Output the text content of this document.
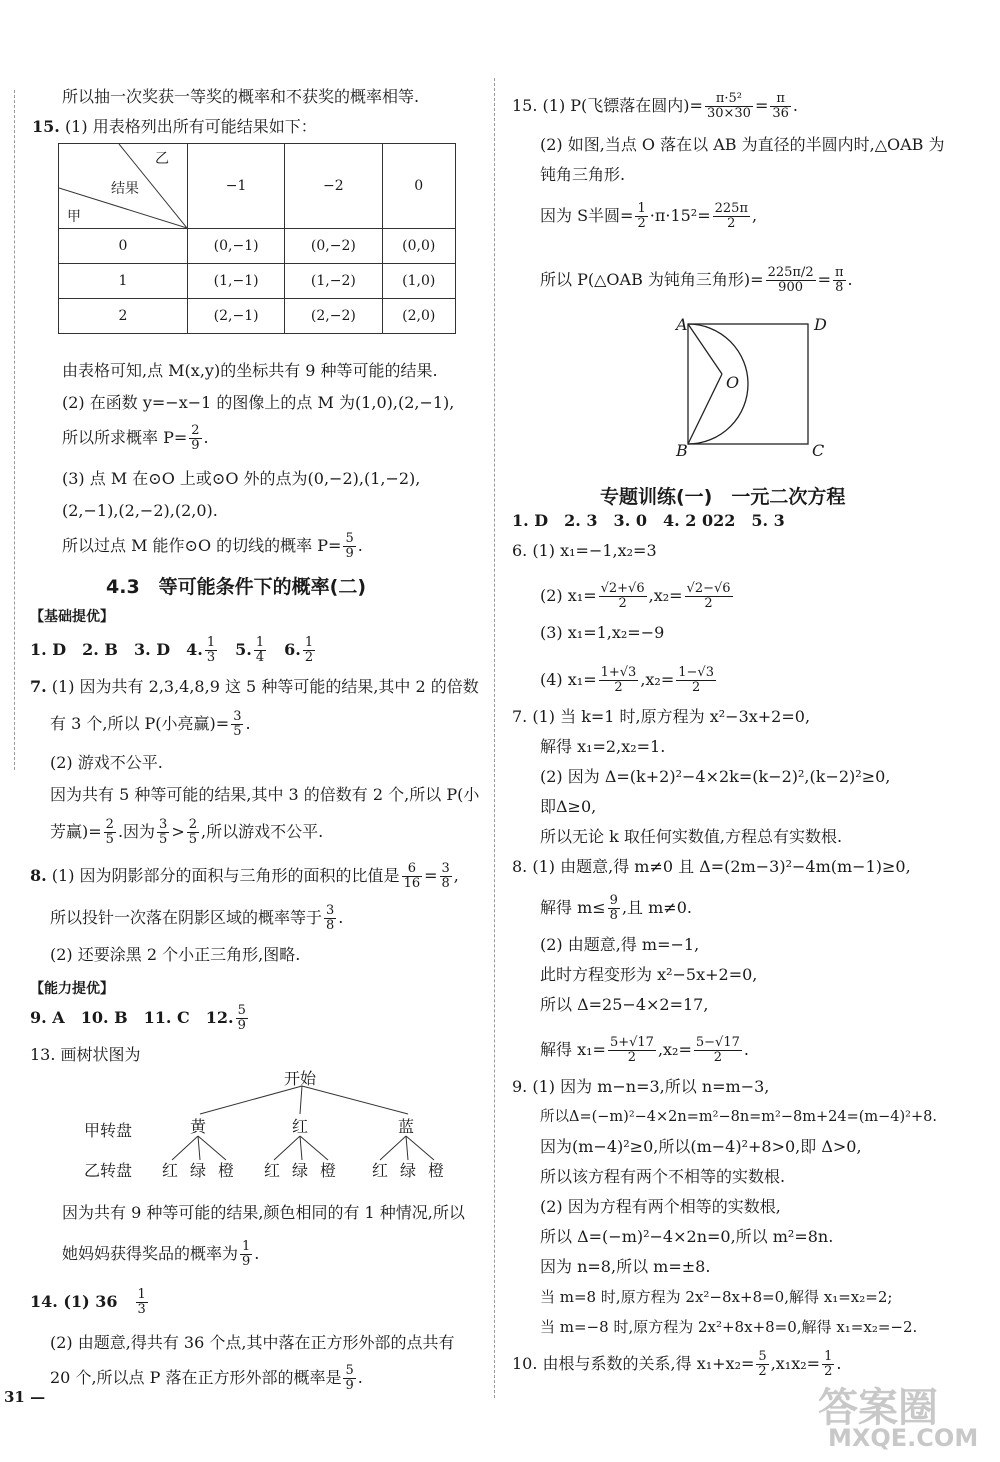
所以抽一次奖获一等奖的概率和不获奖的概率相等.
15. (1) 用表格列出所有可能结果如下：
乙
结果
甲	−1	−2	0
0	(0,−1)	(0,−2)	(0,0)
1	(1,−1)	(1,−2)	(1,0)
2	(2,−1)	(2,−2)	(2,0)
由表格可知,点 M(x,y)的坐标共有 9 种等可能的结果.
(2) 在函数 y=−x−1 的图像上的点 M 为(1,0),(2,−1),
所以所求概率 $P= \frac{2}{9}$ .
(3) 点 M 在⊙O 上或⊙O 外的点为(0,−2),(1,−2),
(2,−1),(2,−2),(2,0).
所以过点 M 能作⊙O 的切线的概率 $P= \frac{5}{9}$ .
4.3　等可能条件下的概率(二)
【基础提优】
1. D　2. B　3. D　4. $\frac{1}{3}$
　 5. $\frac{1}{4}$
　 6. $\frac{1}{2}$
7. (1) 因为共有 2,3,4,8,9 这 5 种等可能的结果,其中 2 的倍数
有 3 个,所以 P(小亮赢)= $\frac{3}{5}$ .
(2) 游戏不公平.
因为共有 5 种等可能的结果,其中 3 的倍数有 2 个,所以 P(小
芳赢)= $\frac{2}{5}$ .因为 $\frac{3}{5} > \frac{2}{5}$ ,所以游戏不公平.
8. (1) 因为阴影部分的面积与三角形的面积的比值是 $\frac{6}{16} = \frac{3}{8}$ ,
所以投针一次落在阴影区域的概率等于 $\frac{3}{8}$ .
(2) 还要涂黑 2 个小正三角形,图略.
【能力提优】
9. A　10. B　11. C　12. $\frac{5}{9}$
13. 画树状图为
开始
甲转盘	黄	红	蓝
乙转盘 红 绿 橙 红 绿 橙 红 绿 橙
因为共有 9 种等可能的结果,颜色相同的有 1 种情况,所以
她妈妈获得奖品的概率为 $\frac{1}{9}$ .
14. (1) 36　 $\frac{1}{3}$
(2) 由题意,得共有 36 个点,其中落在正方形外部的点共有
20 个,所以点 P 落在正方形外部的概率是 $\frac{5}{9}$ .
31 —
15. (1) P(飞镖落在圆内)= $\frac{\text{π·5²}}{30\times 30} = \frac{\pi}{36}$ .
(2) 如图,当点 O 落在以 AB 为直径的半圆内时,△OAB 为
钝角三角形.
因为 S半圆= $\frac{1}{2} \cdot\pi\cdot 15^2= \frac{225\pi}{2}$ ,
所以 P(△OAB 为钝角三角形)= $\frac{225\pi/2}{900} = \frac{\pi}{8}$ .
A	D
O
B	C
专题训练(一)　一元二次方程
1. D　2. 3　3. 0　4. 2 022　5. 3
6. (1) x₁=−1,x₂=3
(2) $x_1= \frac{√2+√6}{2} ,x_2= \frac{√2-√6}{2}$
(3) x₁=1,x₂=−9
(4) $x_1= \frac{1+√3}{2} ,x_2= \frac{1-√3}{2}$
7. (1) 当 k=1 时,原方程为 x²−3x+2=0,
解得 x₁=2,x₂=1.
(2) 因为 Δ=(k+2)²−4×2k=(k−2)²,(k−2)²≥0,
即Δ≥0,
所以无论 k 取任何实数值,方程总有实数根.
8. (1) 由题意,得 m≠0 且 Δ=(2m−3)²−4m(m−1)≥0,
解得 $m\le \frac{9}{8}$ ,且 m≠0.
(2) 由题意,得 m=−1,
此时方程变形为 x²−5x+2=0,
所以 Δ=25−4×2=17,
解得 $x_1= \frac{5+√17}{2} ,x_2= \frac{5-√17}{2}$ .
9. (1) 因为 m−n=3,所以 n=m−3,
所以Δ=(−m)²−4×2n=m²−8n=m²−8m+24=(m−4)²+8.
因为(m−4)²≥0,所以(m−4)²+8>0,即 Δ>0,
所以该方程有两个不相等的实数根.
(2) 因为方程有两个相等的实数根,
所以 Δ=(−m)²−4×2n=0,所以 m²=8n.
因为 n=8,所以 m=±8.
当 m=8 时,原方程为 2x²−8x+8=0,解得 x₁=x₂=2;
当 m=−8 时,原方程为 2x²+8x+8=0,解得 x₁=x₂=−2.
10. 由根与系数的关系,得 $x_1+x_2= \frac{5}{2} ,x_1x_2= \frac{1}{2}$ .
答案圈
MXQE.COM
